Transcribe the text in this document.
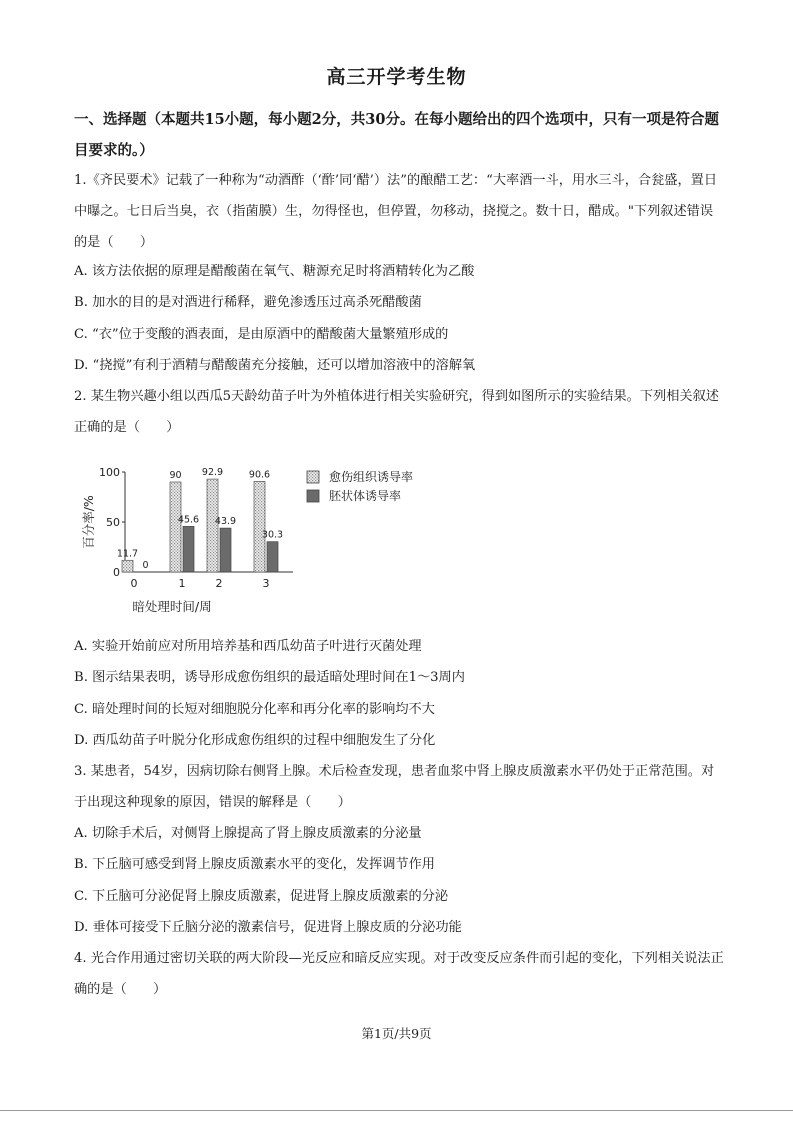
高三开学考生物
一、选择题（本题共15小题，每小题2分，共30分。在每小题给出的四个选项中，只有一项是符合题目要求的。）
1.《齐民要术》记载了一种称为“动酒酢（‘酢’同‘醋’）法”的酿醋工艺：“大率酒一斗，用水三斗，合瓮盛，置日中曝之。七日后当臭，衣（指菌膜）生，勿得怪也，但停置，勿移动，挠搅之。数十日，醋成。"下列叙述错误的是（　　）
A. 该方法依据的原理是醋酸菌在氧气、糖源充足时将酒精转化为乙酸
B. 加水的目的是对酒进行稀释，避免渗透压过高杀死醋酸菌
C. “衣”位于变酸的酒表面，是由原酒中的醋酸菌大量繁殖形成的
D. “挠搅”有利于酒精与醋酸菌充分接触，还可以增加溶液中的溶解氧
2. 某生物兴趣小组以西瓜5天龄幼苗子叶为外植体进行相关实验研究，得到如图所示的实验结果。下列相关叙述正确的是（　　）
百分率/%
0
50
100
11.7
0
90
45.6
92.9
43.9
90.6
30.3
0	1	2	3
暗处理时间/周
愈伤组织诱导率
胚状体诱导率
A. 实验开始前应对所用培养基和西瓜幼苗子叶进行灭菌处理
B. 图示结果表明，诱导形成愈伤组织的最适暗处理时间在1～3周内
C. 暗处理时间的长短对细胞脱分化率和再分化率的影响均不大
D. 西瓜幼苗子叶脱分化形成愈伤组织的过程中细胞发生了分化
3. 某患者，54岁，因病切除右侧肾上腺。术后检查发现，患者血浆中肾上腺皮质激素水平仍处于正常范围。对于出现这种现象的原因，错误的解释是（　　）
A. 切除手术后，对侧肾上腺提高了肾上腺皮质激素的分泌量
B. 下丘脑可感受到肾上腺皮质激素水平的变化，发挥调节作用
C. 下丘脑可分泌促肾上腺皮质激素，促进肾上腺皮质激素的分泌
D. 垂体可接受下丘脑分泌的激素信号，促进肾上腺皮质的分泌功能
4. 光合作用通过密切关联的两大阶段—光反应和暗反应实现。对于改变反应条件而引起的变化，下列相关说法正确的是（　　）
第1页/共9页
